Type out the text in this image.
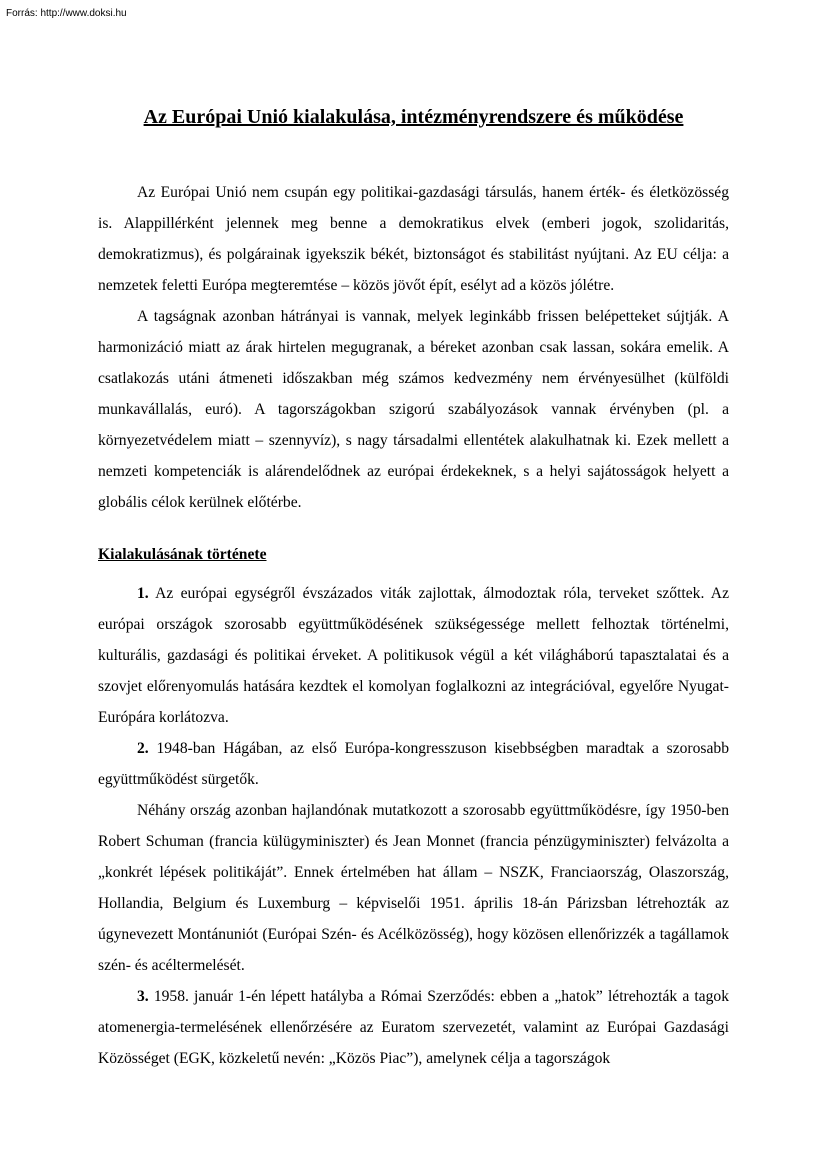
Forrás: http://www.doksi.hu
Az Európai Unió kialakulása, intézményrendszere és működése

Az Európai Unió nem csupán egy politikai-gazdasági társulás, hanem érték- és életközösség is. Alappillérként jelennek meg benne a demokratikus elvek (emberi jogok, szolidaritás, demokratizmus), és polgárainak igyekszik békét, biztonságot és stabilitást nyújtani. Az EU célja: a nemzetek feletti Európa megteremtése – közös jövőt épít, esélyt ad a közös jólétre.

A tagságnak azonban hátrányai is vannak, melyek leginkább frissen belépetteket sújtják. A harmonizáció miatt az árak hirtelen megugranak, a béreket azonban csak lassan, sokára emelik. A csatlakozás utáni átmeneti időszakban még számos kedvezmény nem érvényesülhet (külföldi munkavállalás, euró). A tagországokban szigorú szabályozások vannak érvényben (pl. a környezetvédelem miatt – szennyvíz), s nagy társadalmi ellentétek alakulhatnak ki. Ezek mellett a nemzeti kompetenciák is alárendelődnek az európai érdekeknek, s a helyi sajátosságok helyett a globális célok kerülnek előtérbe.

Kialakulásának története

1. Az európai egységről évszázados viták zajlottak, álmodoztak róla, terveket szőttek. Az európai országok szorosabb együttműködésének szükségessége mellett felhoztak történelmi, kulturális, gazdasági és politikai érveket. A politikusok végül a két világháború tapasztalatai és a szovjet előrenyomulás hatására kezdtek el komolyan foglalkozni az integrációval, egyelőre Nyugat-Európára korlátozva.

2. 1948-ban Hágában, az első Európa-kongresszuson kisebbségben maradtak a szorosabb együttműködést sürgetők.

Néhány ország azonban hajlandónak mutatkozott a szorosabb együttműködésre, így 1950-ben Robert Schuman (francia külügyminiszter) és Jean Monnet (francia pénzügyminiszter) felvázolta a „konkrét lépések politikáját”. Ennek értelmében hat állam – NSZK, Franciaország, Olaszország, Hollandia, Belgium és Luxemburg – képviselői 1951. április 18-án Párizsban létrehozták az úgynevezett Montánuniót (Európai Szén- és Acélközösség), hogy közösen ellenőrizzék a tagállamok szén- és acéltermelését.

3. 1958. január 1-én lépett hatályba a Római Szerződés: ebben a „hatok” létrehozták a tagok atomenergia-termelésének ellenőrzésére az Euratom szervezetét, valamint az Európai Gazdasági Közösséget (EGK, közkeletű nevén: „Közös Piac”), amelynek célja a tagországok
